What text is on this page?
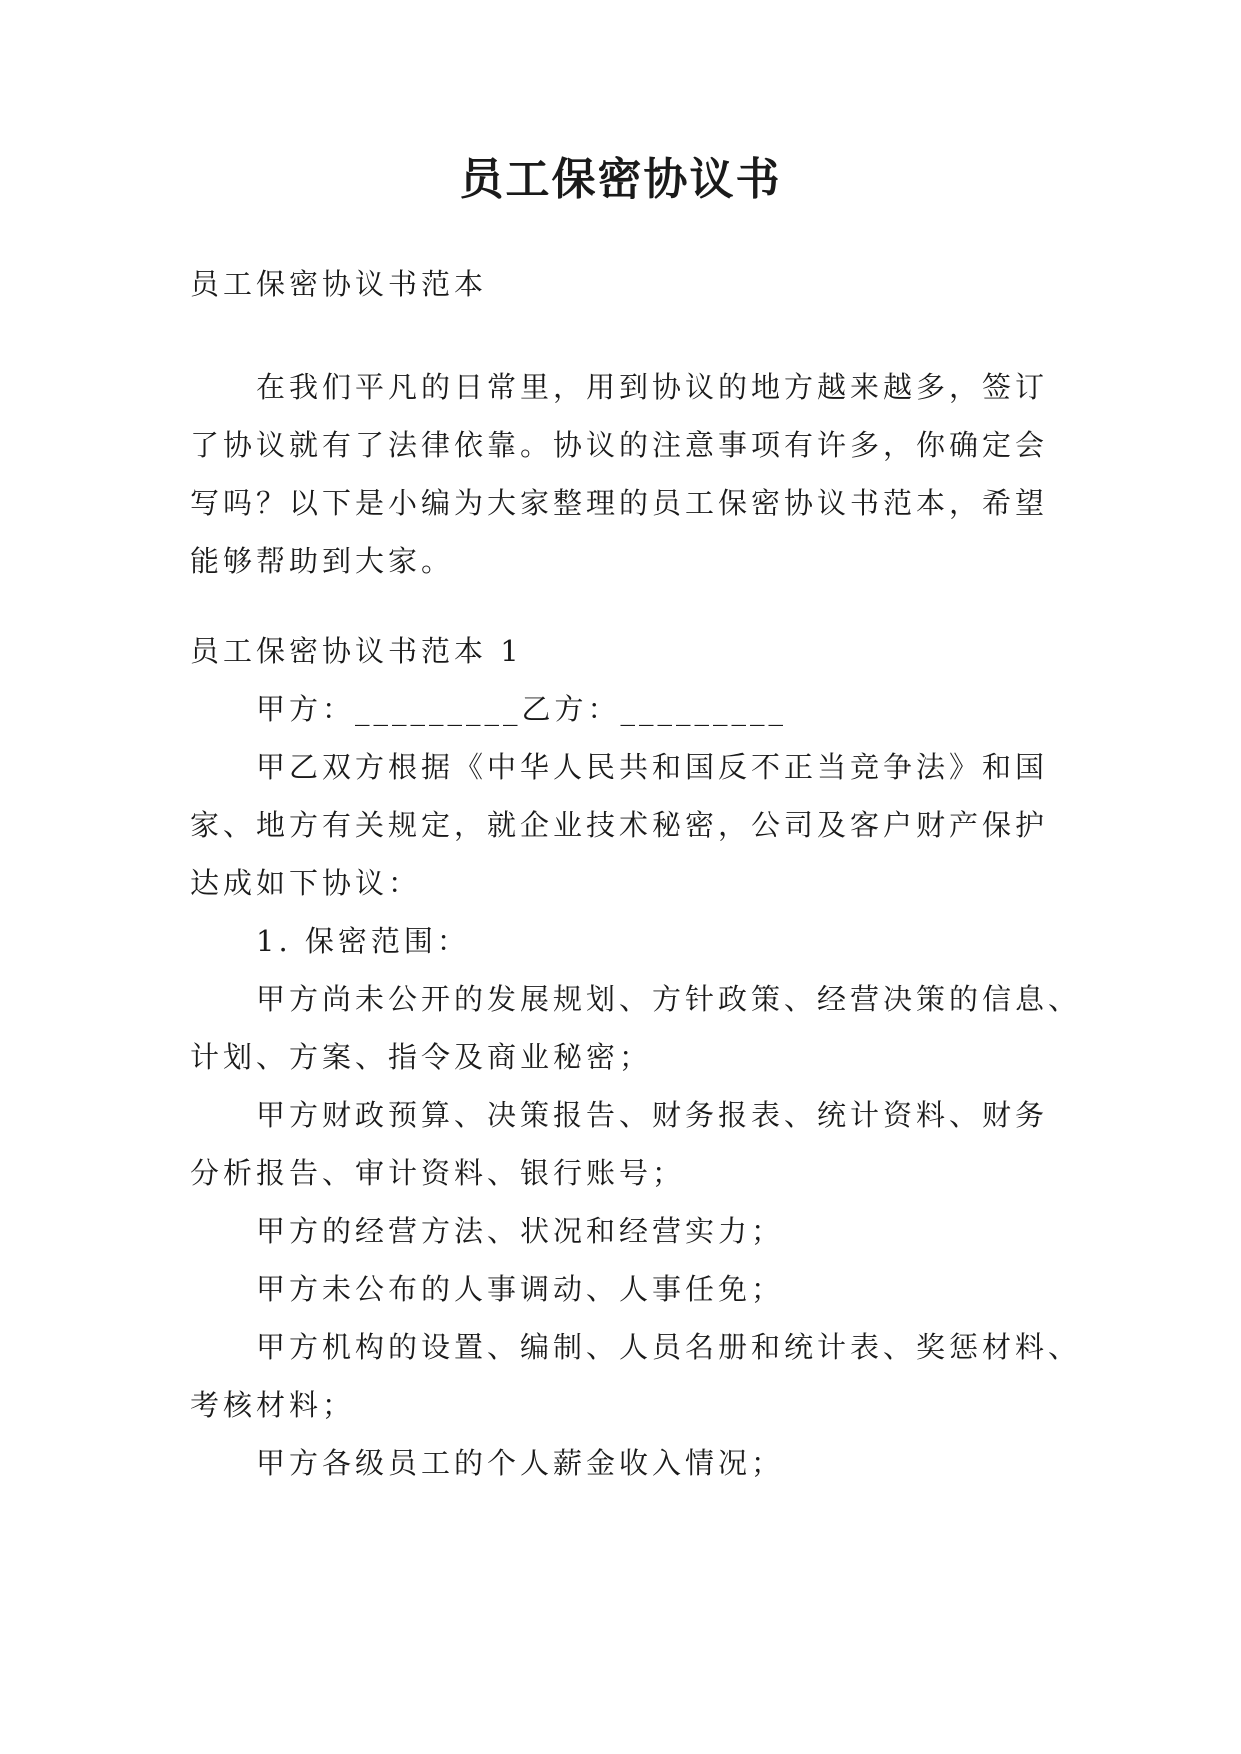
员工保密协议书
员工保密协议书范本
在我们平凡的日常里，用到协议的地方越来越多，签订
了协议就有了法律依靠。协议的注意事项有许多，你确定会
写吗？以下是小编为大家整理的员工保密协议书范本，希望
能够帮助到大家。
员工保密协议书范本 1
甲方：_________乙方：_________
甲乙双方根据《中华人民共和国反不正当竞争法》和国
家、地方有关规定，就企业技术秘密，公司及客户财产保护
达成如下协议：
1. 保密范围：
甲方尚未公开的发展规划、方针政策、经营决策的信息、
计划、方案、指令及商业秘密；
甲方财政预算、决策报告、财务报表、统计资料、财务
分析报告、审计资料、银行账号；
甲方的经营方法、状况和经营实力；
甲方未公布的人事调动、人事任免；
甲方机构的设置、编制、人员名册和统计表、奖惩材料、
考核材料；
甲方各级员工的个人薪金收入情况；
